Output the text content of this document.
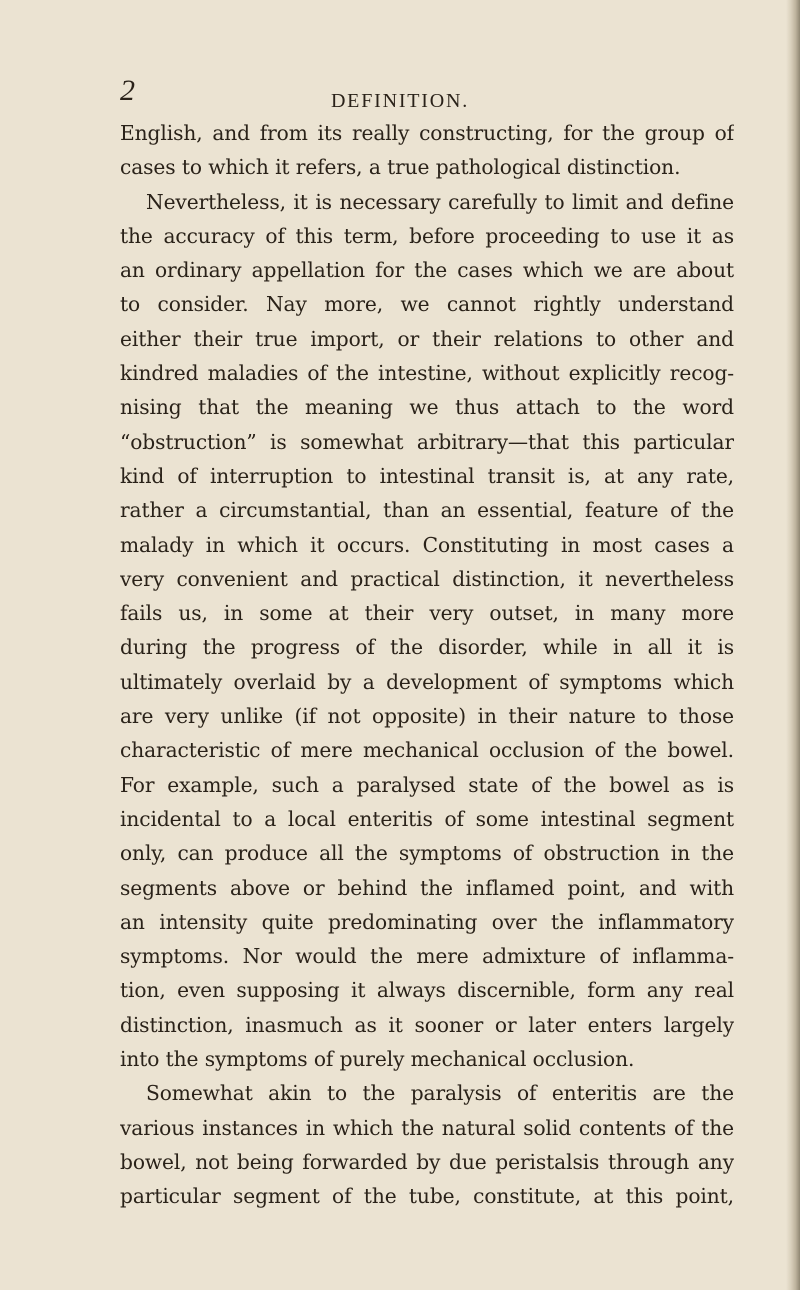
2	DEFINITION.
English, and from its really constructing, for the group of
cases to which it refers, a true pathological distinction.
Nevertheless, it is necessary carefully to limit and define
the accuracy of this term, before proceeding to use it as
an ordinary appellation for the cases which we are about
to consider. Nay more, we cannot rightly understand
either their true import, or their relations to other and
kindred maladies of the intestine, without explicitly recog-
nising that the meaning we thus attach to the word
“obstruction” is somewhat arbitrary—that this particular
kind of interruption to intestinal transit is, at any rate,
rather a circumstantial, than an essential, feature of the
malady in which it occurs. Constituting in most cases a
very convenient and practical distinction, it nevertheless
fails us, in some at their very outset, in many more
during the progress of the disorder, while in all it is
ultimately overlaid by a development of symptoms which
are very unlike (if not opposite) in their nature to those
characteristic of mere mechanical occlusion of the bowel.
For example, such a paralysed state of the bowel as is
incidental to a local enteritis of some intestinal segment
only, can produce all the symptoms of obstruction in the
segments above or behind the inflamed point, and with
an intensity quite predominating over the inflammatory
symptoms. Nor would the mere admixture of inflamma-
tion, even supposing it always discernible, form any real
distinction, inasmuch as it sooner or later enters largely
into the symptoms of purely mechanical occlusion.
Somewhat akin to the paralysis of enteritis are the
various instances in which the natural solid contents of the
bowel, not being forwarded by due peristalsis through any
particular segment of the tube, constitute, at this point,
